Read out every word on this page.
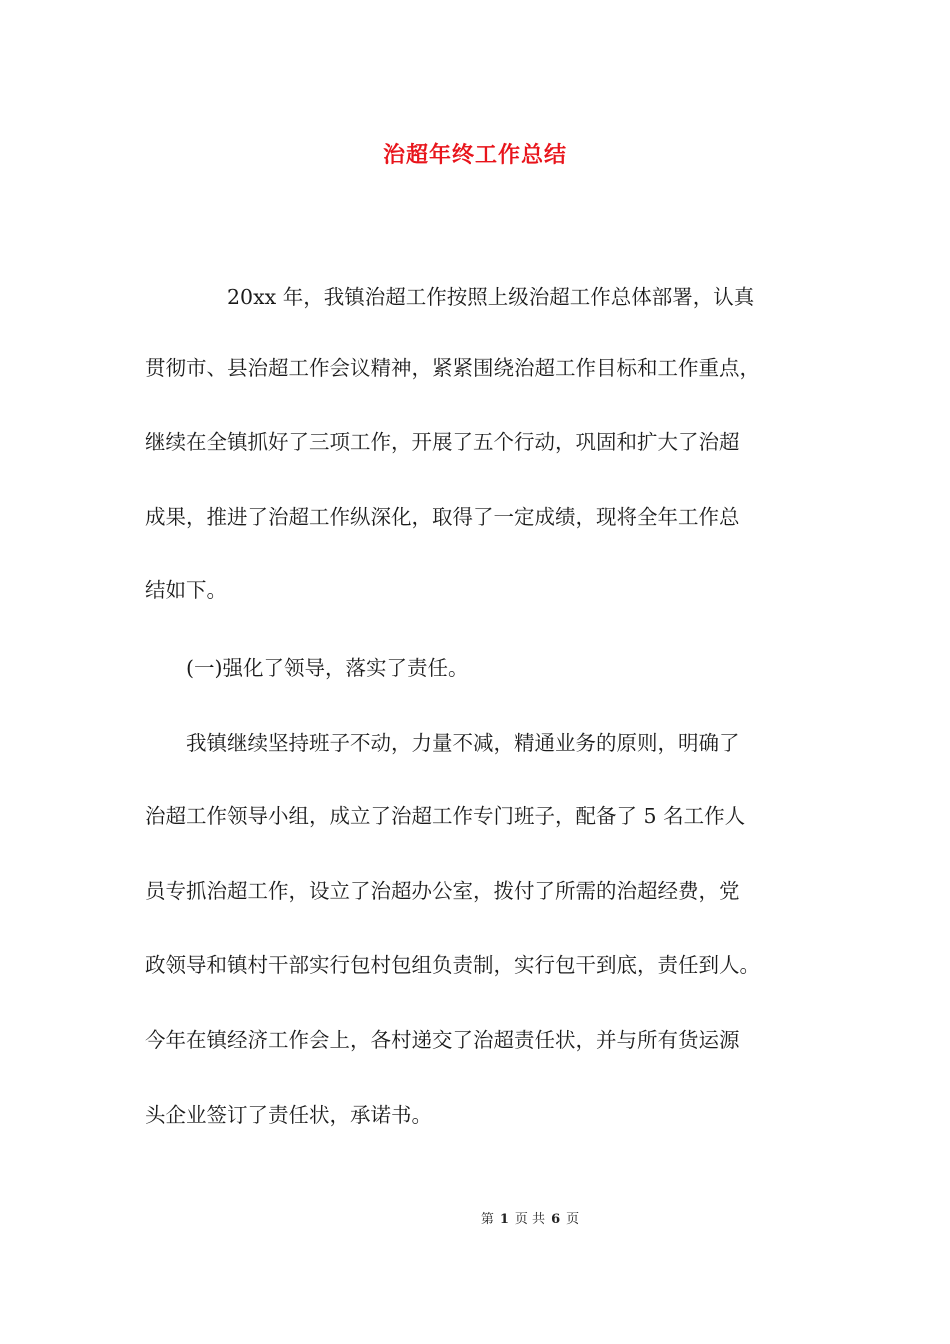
治超年终工作总结
　　　　20xx 年，我镇治超工作按照上级治超工作总体部署，认真
贯彻市、县治超工作会议精神，紧紧围绕治超工作目标和工作重点，
继续在全镇抓好了三项工作，开展了五个行动，巩固和扩大了治超
成果，推进了治超工作纵深化，取得了一定成绩，现将全年工作总
结如下。
　　(一)强化了领导，落实了责任。
　　我镇继续坚持班子不动，力量不减，精通业务的原则，明确了
治超工作领导小组，成立了治超工作专门班子，配备了 5 名工作人
员专抓治超工作，设立了治超办公室，拨付了所需的治超经费，党
政领导和镇村干部实行包村包组负责制，实行包干到底，责任到人。
今年在镇经济工作会上，各村递交了治超责任状，并与所有货运源
头企业签订了责任状，承诺书。
第 1 页 共 6 页
